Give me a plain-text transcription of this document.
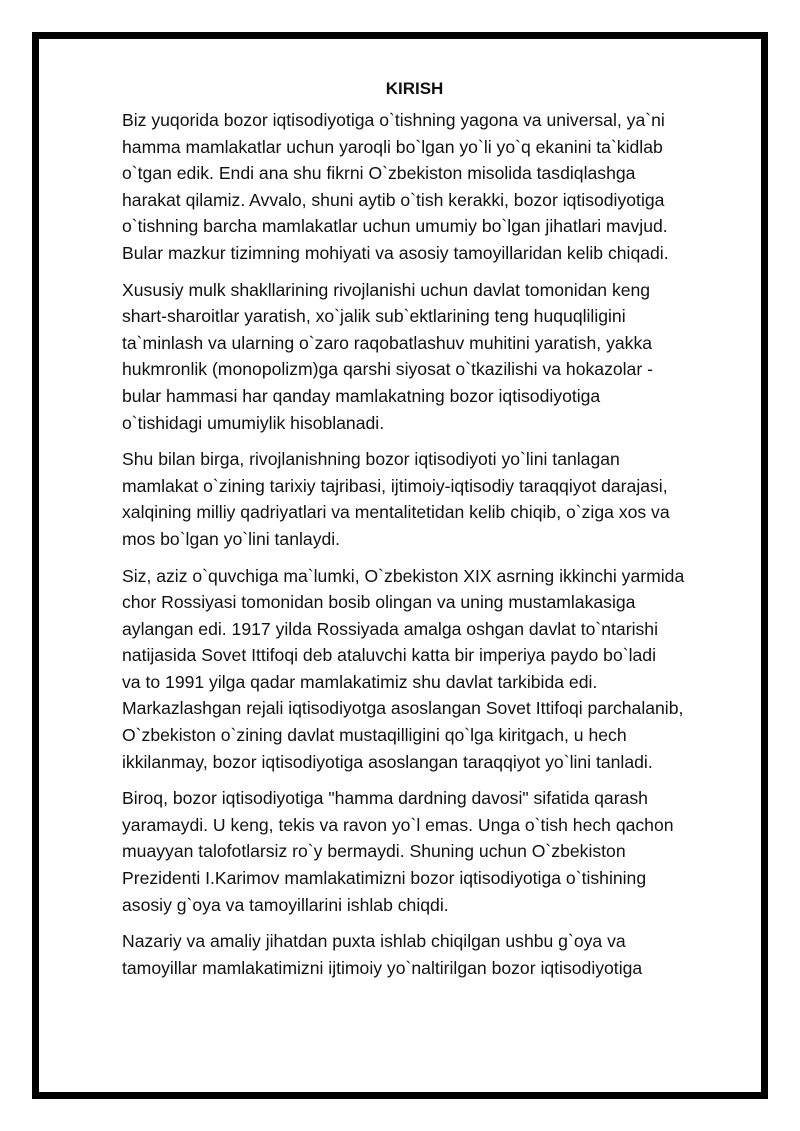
KIRISH
Biz yuqorida bozor iqtisodiyotiga o`tishning yagona va universal, ya`ni
hamma mamlakatlar uchun yaroqli bo`lgan yo`li yo`q ekanini ta`kidlab
o`tgan edik. Endi ana shu fikrni O`zbekiston misolida tasdiqlashga
harakat qilamiz. Avvalo, shuni aytib o`tish kerakki, bozor iqtisodiyotiga
o`tishning barcha mamlakatlar uchun umumiy bo`lgan jihatlari mavjud.
Bular mazkur tizimning mohiyati va asosiy tamoyillaridan kelib chiqadi.
Xususiy mulk shakllarining rivojlanishi uchun davlat tomonidan keng
shart-sharoitlar yaratish, xo`jalik sub`ektlarining teng huquqliligini
ta`minlash va ularning o`zaro raqobatlashuv muhitini yaratish, yakka
hukmronlik (monopolizm)ga qarshi siyosat o`tkazilishi va hokazolar -
bular hammasi har qanday mamlakatning bozor iqtisodiyotiga
o`tishidagi umumiylik hisoblanadi.
Shu bilan birga, rivojlanishning bozor iqtisodiyoti yo`lini tanlagan
mamlakat o`zining tarixiy tajribasi, ijtimoiy-iqtisodiy taraqqiyot darajasi,
xalqining milliy qadriyatlari va mentalitetidan kelib chiqib, o`ziga xos va
mos bo`lgan yo`lini tanlaydi.
Siz, aziz o`quvchiga ma`lumki, O`zbekiston XIX asrning ikkinchi yarmida
chor Rossiyasi tomonidan bosib olingan va uning mustamlakasiga
aylangan edi. 1917 yilda Rossiyada amalga oshgan davlat to`ntarishi
natijasida Sovet Ittifoqi deb ataluvchi katta bir imperiya paydo bo`ladi
va to 1991 yilga qadar mamlakatimiz shu davlat tarkibida edi.
Markazlashgan rejali iqtisodiyotga asoslangan Sovet Ittifoqi parchalanib,
O`zbekiston o`zining davlat mustaqilligini qo`lga kiritgach, u hech
ikkilanmay, bozor iqtisodiyotiga asoslangan taraqqiyot yo`lini tanladi.
Biroq, bozor iqtisodiyotiga "hamma dardning davosi" sifatida qarash
yaramaydi. U keng, tekis va ravon yo`l emas. Unga o`tish hech qachon
muayyan talofotlarsiz ro`y bermaydi. Shuning uchun O`zbekiston
Prezidenti I.Karimov mamlakatimizni bozor iqtisodiyotiga o`tishining
asosiy g`oya va tamoyillarini ishlab chiqdi.
Nazariy va amaliy jihatdan puxta ishlab chiqilgan ushbu g`oya va
tamoyillar mamlakatimizni ijtimoiy yo`naltirilgan bozor iqtisodiyotiga
